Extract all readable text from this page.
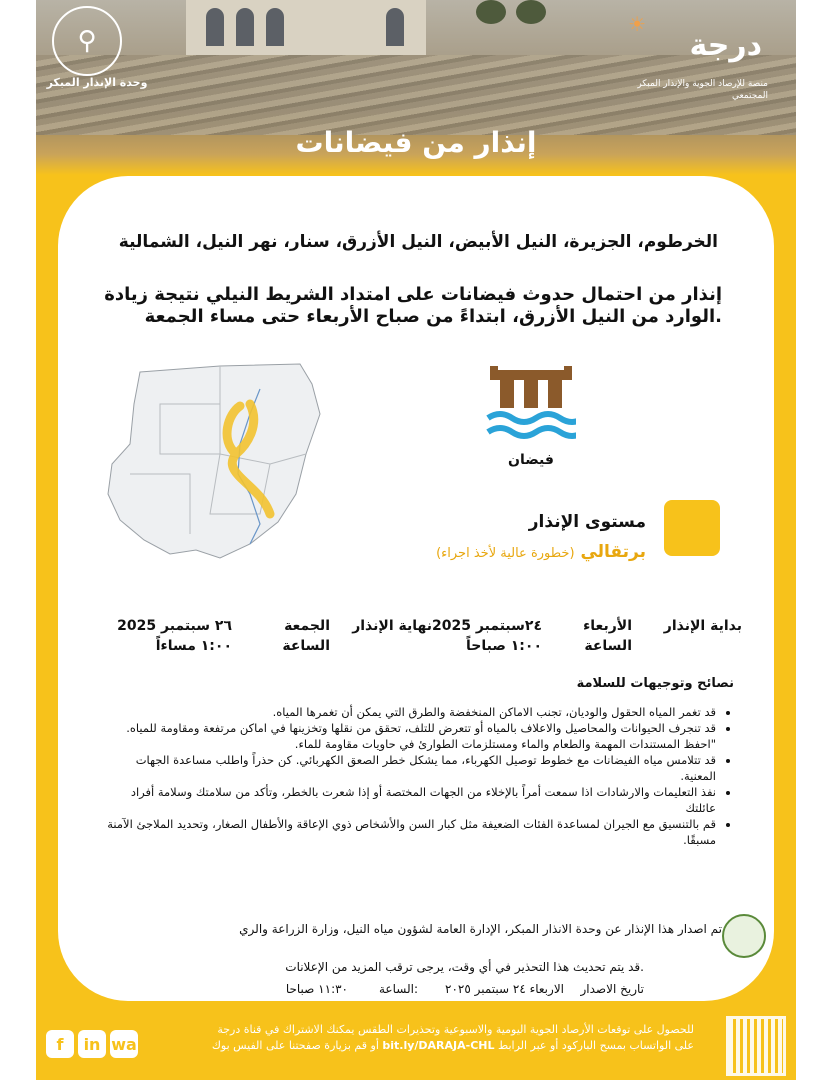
⚲
وحدة الإنذار المبكر
☀
درجة
منصة للإرصاد الجوية والإنذار المبكر المجتمعي
إنذار من فيضانات
الخرطوم، الجزيرة، النيل الأبيض، النيل الأزرق، سنار، نهر النيل، الشمالية
إنذار من احتمال حدوث فيضانات على امتداد الشريط النيلي نتيجة زيادة الوارد من النيل الأزرق، ابتداءً من صباح الأربعاء حتى مساء الجمعة.
فيضان
مستوى الإنذار
(خطورة عالية لأخذ اجراء) برتقالي
بداية الإنذار
الأربعاء
الساعة
٢٤سبتمبر 2025
١:٠٠ صباحاً
نهاية الإنذار
الجمعة
الساعة
٢٦ سبتمبر 2025
١:٠٠ مساءاً
نصائح وتوجيهات للسلامة
• قد تغمر المياه الحقول والوديان، تجنب الاماكن المنخفضة والطرق التي يمكن أن تغمرها المياه.
• قد تنجرف الحيوانات والمحاصيل والاعلاف بالمياه أو تتعرض للتلف، تحقق من نقلها وتخزينها في اماكن مرتفعة ومقاومة للمياه.
"احفظ المستندات المهمة والطعام والماء ومستلزمات الطوارئ في حاويات مقاومة للماء.
• قد تتلامس مياه الفيضانات مع خطوط توصيل الكهرباء، مما يشكل خطر الصعق الكهربائي. كن حذراً واطلب مساعدة الجهات المعنية.
• نفذ التعليمات والارشادات اذا سمعت أمراً بالإخلاء من الجهات المختصة أو إذا شعرت بالخطر، وتأكد من سلامتك وسلامة أفراد عائلتك
• قم بالتنسيق مع الجيران لمساعدة الفئات الضعيفة مثل كبار السن والأشخاص ذوي الإعاقة والأطفال الصغار، وتحديد الملاجئ الآمنة مسبقًا.
تم اصدار هذا الإنذار عن وحدة الانذار المبكر، الإدارة العامة لشؤون مياه النيل، وزارة الزراعة والري
قد يتم تحديث هذا التحذير في أي وقت، يرجى ترقب المزيد من الإعلانات.
تاريخ الاصدار
الاربعاء ٢٤ سبتمبر ٢٠٢٥
الساعة:
١١:٣٠ صباحا
f	in wa
للحصول على توقعات الأرصاد الجوية اليومية والاسبوعية وتحذيرات الطقس يمكنك الاشتراك في قناة درجة
أو قم بزيارة صفحتنا على الفيس بوك bit.ly/DARAJA-CHL على الواتساب بمسح الباركود أو عبر الرابط
